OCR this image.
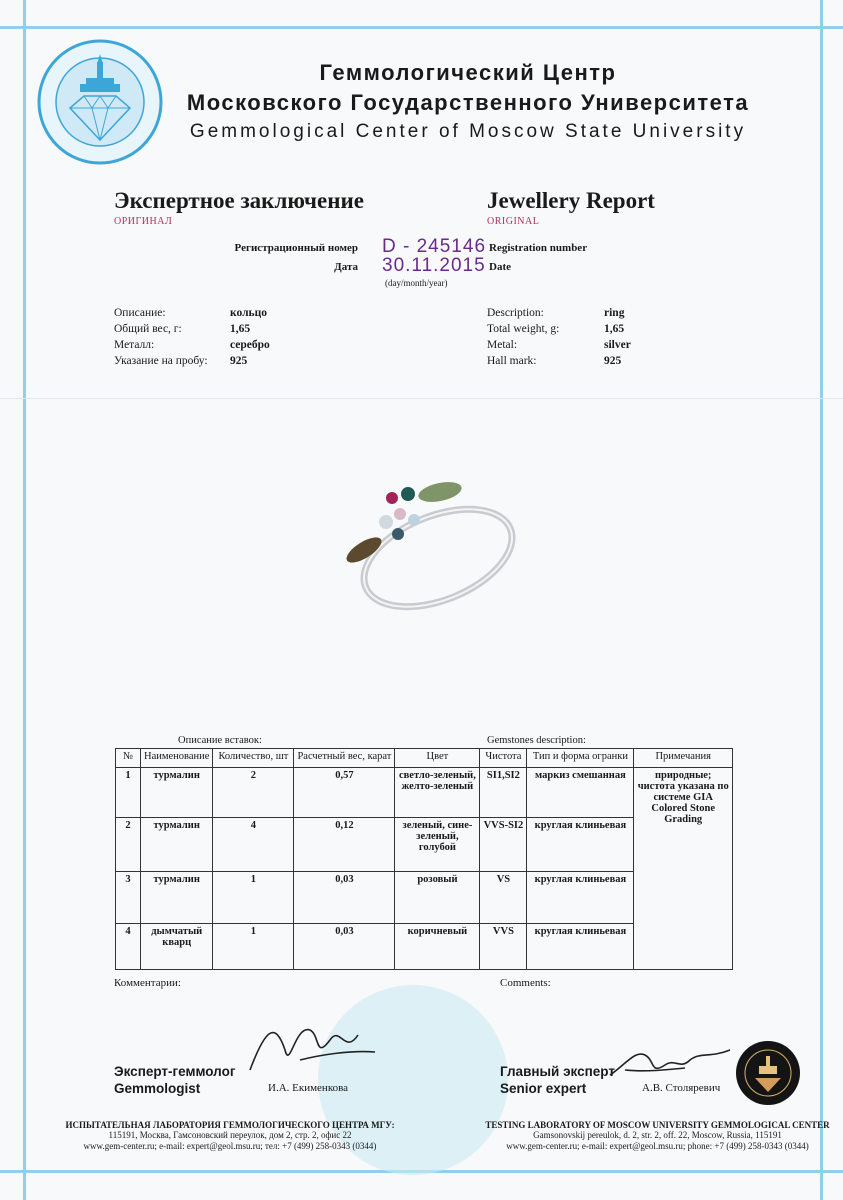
Геммологический Центр
Московского Государственного Университета
Gemmological Center of Moscow State University
Экспертное заключение
ОРИГИНАЛ
Jewellery Report
ORIGINAL
Регистрационный номер D - 245146 Registration number
Дата 30.11.2015 Date
(day/month/year)
Описание:	кольцо
Общий вес, г:	1,65
Металл:	серебро
Указание на пробу: 925
Description:	ring
Total weight, g:	1,65
Metal:	silver
Hall mark:	925
Описание вставок:	Gemstones description:
№	Наименование	Количество, шт	Расчетный вес, карат	Цвет	Чистота	Тип и форма огранки	Примечания
1	турмалин	2	0,57	светло-зеленый, желто-зеленый	SI1,SI2	маркиз смешанная	природные; чистота указана по системе GIA Colored Stone Grading
2	турмалин	4	0,12	зеленый, сине-зеленый, голубой	VVS-SI2	круглая клиньевая	
3	турмалин	1	0,03	розовый	VS	круглая клиньевая	
4	дымчатый кварц	1	0,03	коричневый	VVS	круглая клиньевая	
Комментарии:	Comments:
Эксперт-геммолог
Gemmologist	И.А. Екименкова
Главный эксперт
Senior expert	А.В. Столяревич
ИСПЫТАТЕЛЬНАЯ ЛАБОРАТОРИЯ ГЕММОЛОГИЧЕСКОГО ЦЕНТРА МГУ:
115191, Москва, Гамсоновский переулок, дом 2, стр. 2, офис 22
www.gem-center.ru; e-mail: expert@geol.msu.ru; тел: +7 (499) 258-0343 (0344)
TESTING LABORATORY OF MOSCOW UNIVERSITY GEMMOLOGICAL CENTER
Gamsonovskij pereulok, d. 2, str. 2, off. 22, Moscow, Russia, 115191
www.gem-center.ru; e-mail: expert@geol.msu.ru; phone: +7 (499) 258-0343 (0344)
